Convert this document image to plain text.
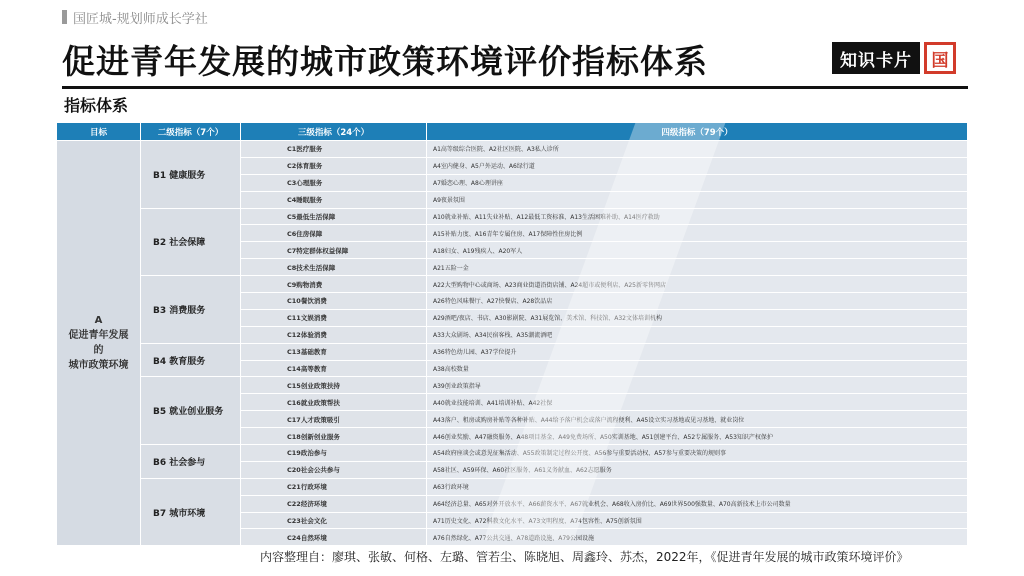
国匠城-规划师成长学社
促进青年发展的城市政策环境评价指标体系	知识卡片	国
指标体系
目标	二级指标（7个）	三级指标（24个）	四级指标（79个）

A
促进青年发展
的
城市政策环境	B1 健康服务	C1医疗服务	A1高等级综合医院、A2社区医院、A3私人诊所
		C2体育服务	A4室内健身、A5户外运动、A6绿行道
		C3心理服务	A7婚恋心理、A8心理讲座
		C4睡眠服务	A9夜景氛围
	B2 社会保障	C5最低生活保障	A10就业补贴、A11失业补贴、A12最低工资标准、A13生活困难补助、A14医疗救助
		C6住房保障	A15补贴力度、A16青年专属住房、A17保障性住房比例
		C7特定群体权益保障	A18妇女、A19残疾人、A20军人
		C8技术生活保障	A21五险一金
	B3 消费服务	C9购物消费	A22大型购物中心或商场、A23商业街道沿街店铺、A24超市或便利店、A25新零售网店
		C10餐饮消费	A26特色风味餐厅、A27快餐店、A28饮品店
		C11文娱消费	A29酒吧/夜店、书店、A30影剧院、A31展览馆、美术馆、科技馆、A32文体培训机构
		C12体验消费	A33大众剧场、A34民宿客栈、A35潮流酒吧
	B4 教育服务	C13基础教育	A36特色幼儿园、A37学位提升
		C14高等教育	A38高校数量
	B5 就业创业服务	C15创业政策扶持	A39创业政策指导
		C16就业政策帮扶	A40就业技能培训、A41培训补贴、A42社保
		C17人才政策吸引	A43落户、租房或购房补贴等各种补贴、A44给予落户机会或落户流程便利、A45设立实习基地或见习基地、就业岗位
		C18创新创业服务	A46创业奖励、A47融资服务、A48项目基金、A49免费场所、A50实训基地、A51创建平台、A52专属服务、A53知识产权保护
	B6 社会参与	C19政治参与	A54政府座谈会或意见征集活动、A55政策制定过程公开度、A56参与重要活动权、A57参与重要决策的规则事
		C20社会公共参与	A58社区、A59环保、A60社区服务、A61义务献血、A62志愿服务
	B7 城市环境	C21行政环境	A63行政环境
		C22经济环境	A64经济总量、A65对外开放水平、A66薪资水平、A67就业机会、A68收入房价比、A69世界500强数量、A70高新技术上市公司数量
		C23社会文化	A71历史文化、A72科教文化水平、A73文明程度、A74包容性、A75创新氛围
		C24自然环境	A76自然绿化、A77公共交通、A78道路设施、A79公园设施
内容整理自：廖琪、张敏、何格、左璐、管若尘、陈晓旭、周鑫玲、苏杰，2022年，《促进青年发展的城市政策环境评价》
